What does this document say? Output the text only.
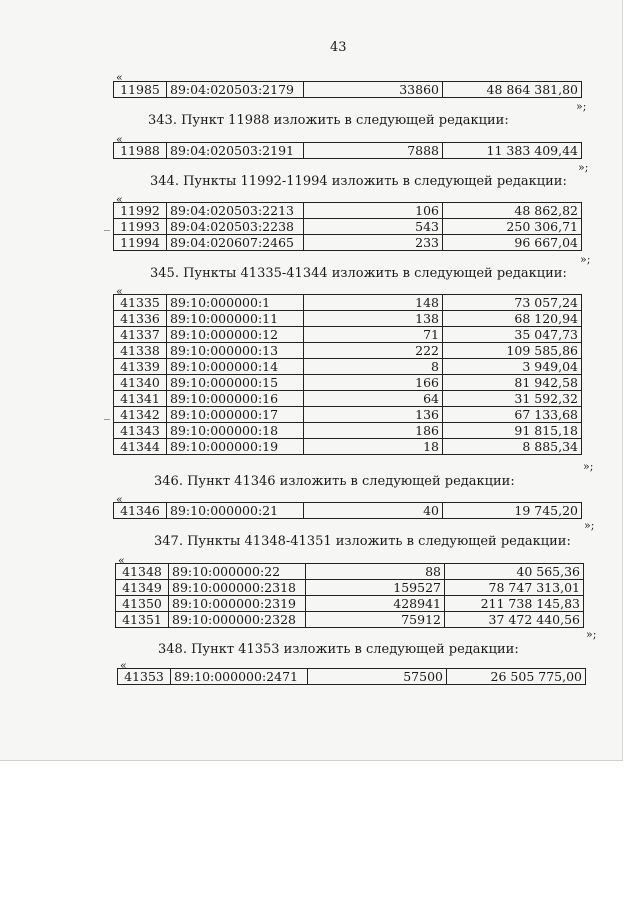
43
«
11985	89:04:020503:2179	33860	48 864 381,80
»;
343. Пункт 11988 изложить в следующей редакции:
«
11988	89:04:020503:2191	7888	11 383 409,44
»;
344. Пункты 11992-11994 изложить в следующей редакции:
«
11992	89:04:020503:2213	106	48 862,82
11993	89:04:020503:2238	543	250 306,71
11994	89:04:020607:2465	233	96 667,04
»;
345. Пункты 41335-41344 изложить в следующей редакции:
«
41335	89:10:000000:1	148	73 057,24
41336	89:10:000000:11	138	68 120,94
41337	89:10:000000:12	71	35 047,73
41338	89:10:000000:13	222	109 585,86
41339	89:10:000000:14	8	3 949,04
41340	89:10:000000:15	166	81 942,58
41341	89:10:000000:16	64	31 592,32
41342	89:10:000000:17	136	67 133,68
41343	89:10:000000:18	186	91 815,18
41344	89:10:000000:19	18	8 885,34
»;
346. Пункт 41346 изложить в следующей редакции:
«
41346	89:10:000000:21	40	19 745,20
»;
347. Пункты 41348-41351 изложить в следующей редакции:
«
41348	89:10:000000:22	88	40 565,36
41349	89:10:000000:2318	159527	78 747 313,01
41350	89:10:000000:2319	428941	211 738 145,83
41351	89:10:000000:2328	75912	37 472 440,56
»;
348. Пункт 41353 изложить в следующей редакции:
«
41353	89:10:000000:2471	57500	26 505 775,00
